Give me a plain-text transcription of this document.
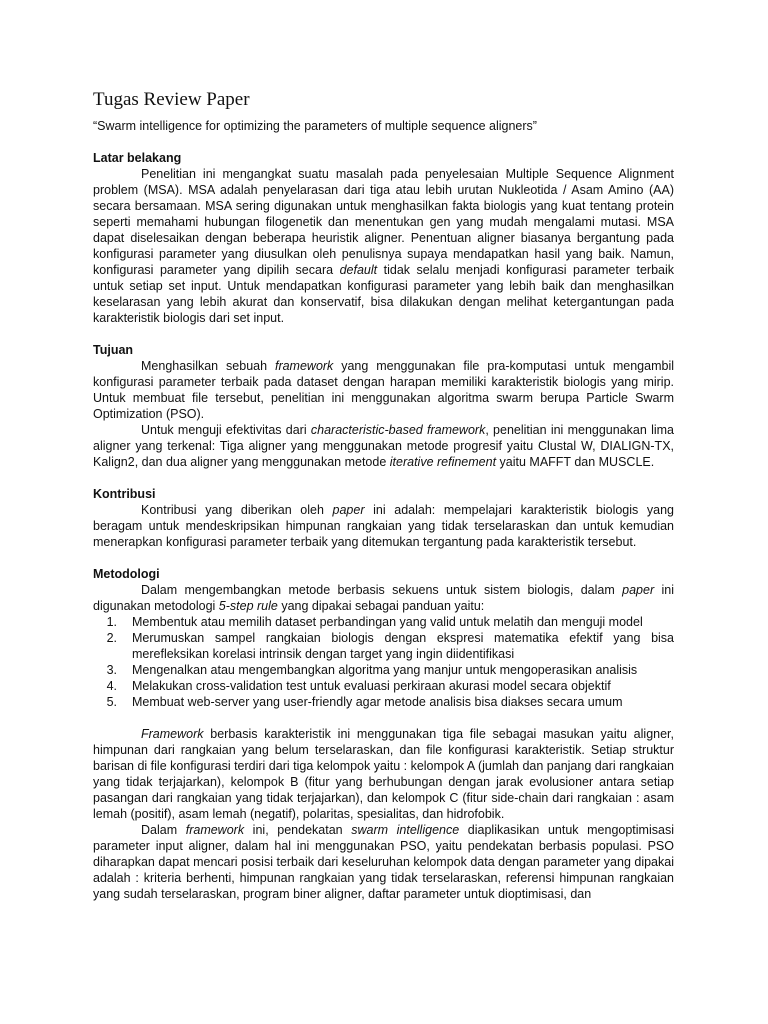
Tugas Review Paper
“Swarm intelligence for optimizing the parameters of multiple sequence aligners”
Latar belakang

Penelitian ini mengangkat suatu masalah pada penyelesaian Multiple Sequence Alignment problem (MSA). MSA adalah penyelarasan dari tiga atau lebih urutan Nukleotida / Asam Amino (AA) secara bersamaan. MSA sering digunakan untuk menghasilkan fakta biologis yang kuat tentang protein seperti memahami hubungan filogenetik dan menentukan gen yang mudah mengalami mutasi. MSA dapat diselesaikan dengan beberapa heuristik aligner. Penentuan aligner biasanya bergantung pada konfigurasi parameter yang diusulkan oleh penulisnya supaya mendapatkan hasil yang baik. Namun, konfigurasi parameter yang dipilih secara default tidak selalu menjadi konfigurasi parameter terbaik untuk setiap set input. Untuk mendapatkan konfigurasi parameter yang lebih baik dan menghasilkan keselarasan yang lebih akurat dan konservatif, bisa dilakukan dengan melihat ketergantungan pada karakteristik biologis dari set input.

Tujuan

Menghasilkan sebuah framework yang menggunakan file pra-komputasi untuk mengambil konfigurasi parameter terbaik pada dataset dengan harapan memiliki karakteristik biologis yang mirip. Untuk membuat file tersebut, penelitian ini menggunakan algoritma swarm berupa Particle Swarm Optimization (PSO).

Untuk menguji efektivitas dari characteristic-based framework, penelitian ini menggunakan lima aligner yang terkenal: Tiga aligner yang menggunakan metode progresif yaitu Clustal W, DIALIGN-TX, Kalign2, dan dua aligner yang menggunakan metode iterative refinement yaitu MAFFT dan MUSCLE.

Kontribusi

Kontribusi yang diberikan oleh paper ini adalah: mempelajari karakteristik biologis yang beragam untuk mendeskripsikan himpunan rangkaian yang tidak terselaraskan dan untuk kemudian menerapkan konfigurasi parameter terbaik yang ditemukan tergantung pada karakteristik tersebut.

Metodologi

Dalam mengembangkan metode berbasis sekuens untuk sistem biologis, dalam paper ini digunakan metodologi 5-step rule yang dipakai sebagai panduan yaitu:

1.	Membentuk atau memilih dataset perbandingan yang valid untuk melatih dan menguji model
2.	Merumuskan sampel rangkaian biologis dengan ekspresi matematika efektif yang bisa merefleksikan korelasi intrinsik dengan target yang ingin diidentifikasi
3.	Mengenalkan atau mengembangkan algoritma yang manjur untuk mengoperasikan analisis
4.	Melakukan cross-validation test untuk evaluasi perkiraan akurasi model secara objektif
5.	Membuat web-server yang user-friendly agar metode analisis bisa diakses secara umum

Framework berbasis karakteristik ini menggunakan tiga file sebagai masukan yaitu aligner, himpunan dari rangkaian yang belum terselaraskan, dan file konfigurasi karakteristik. Setiap struktur barisan di file konfigurasi terdiri dari tiga kelompok yaitu : kelompok A (jumlah dan panjang dari rangkaian yang tidak terjajarkan), kelompok B (fitur yang berhubungan dengan jarak evolusioner antara setiap pasangan dari rangkaian yang tidak terjajarkan), dan kelompok C (fitur side-chain dari rangkaian : asam lemah (positif), asam lemah (negatif), polaritas, spesialitas, dan hidrofobik.

Dalam framework ini, pendekatan swarm intelligence diaplikasikan untuk mengoptimisasi parameter input aligner, dalam hal ini menggunakan PSO, yaitu pendekatan berbasis populasi. PSO diharapkan dapat mencari posisi terbaik dari keseluruhan kelompok data dengan parameter yang dipakai adalah : kriteria berhenti, himpunan rangkaian yang tidak terselaraskan, referensi himpunan rangkaian yang sudah terselaraskan, program biner aligner, daftar parameter untuk dioptimisasi, dan
